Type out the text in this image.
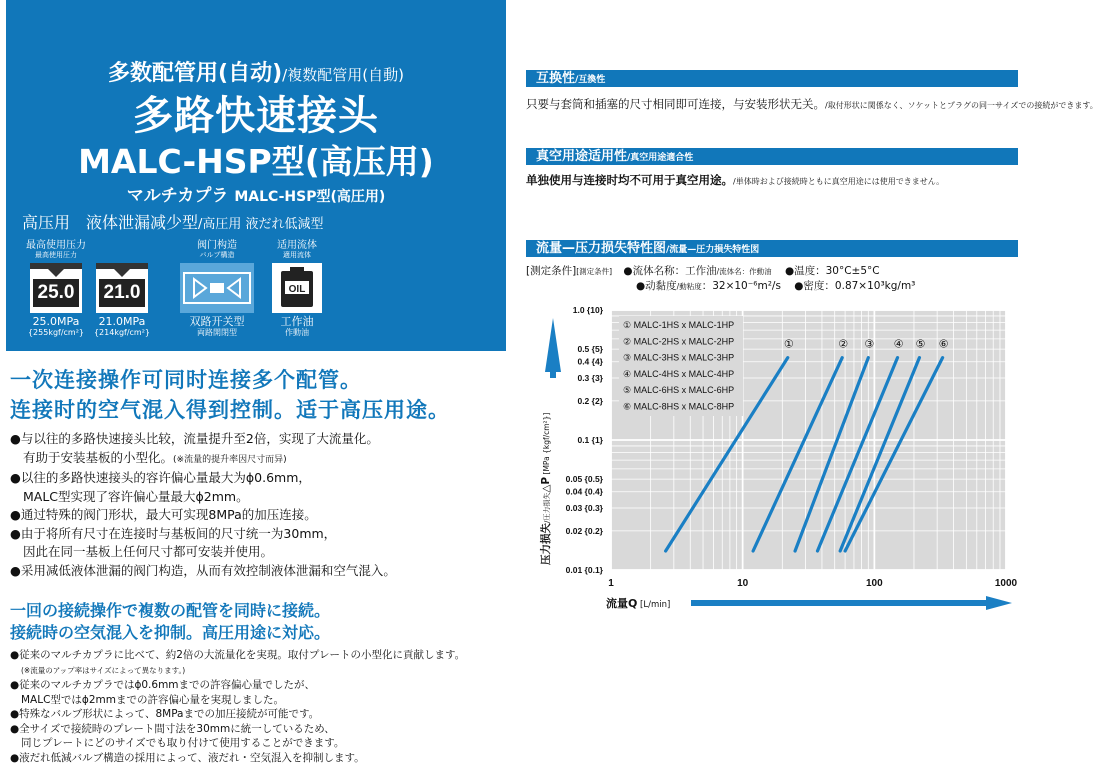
多数配管用(自动)/複数配管用(自動)
多路快速接头
MALC-HSP型(高压用)
マルチカプラ MALC-HSP型(高圧用)
高压用　液体泄漏减少型/高圧用 液だれ低減型
最高使用压力
最高使用圧力
25.0
25.0MPa
{255kgf/cm²}
21.0
21.0MPa
{214kgf/cm²}
阀门构造
バルブ構造
双路开关型
両路開閉型
适用流体
適用流体
OIL
工作油
作動油
一次连接操作可同时连接多个配管。
连接时的空气混入得到控制。适于高压用途。
●与以往的多路快速接头比较，流量提升至2倍，实现了大流量化。
有助于安装基板的小型化。(※流量的提升率因尺寸而异)
●以往的多路快速接头的容许偏心量最大为ϕ0.6mm，
MALC型实现了容许偏心量最大ϕ2mm。
●通过特殊的阀门形状，最大可实现8MPa的加压连接。
●由于将所有尺寸在连接时与基板间的尺寸统一为30mm，
因此在同一基板上任何尺寸都可安装并使用。
●采用减低液体泄漏的阀门构造，从而有效控制液体泄漏和空气混入。
一回の接続操作で複数の配管を同時に接続。
接続時の空気混入を抑制。高圧用途に対応。
●従来のマルチカプラに比べて、約2倍の大流量化を実現。取付プレートの小型化に貢献します。
(※流量のアップ率はサイズによって異なります。)
●従来のマルチカプラではϕ0.6mmまでの許容偏心量でしたが、
MALC型ではϕ2mmまでの許容偏心量を実現しました。
●特殊なバルブ形状によって、8MPaまでの加圧接続が可能です。
●全サイズで接続時のプレート間寸法を30mmに統一しているため、
同じプレートにどのサイズでも取り付けて使用することができます。
●液だれ低減バルブ構造の採用によって、液だれ・空気混入を抑制します。
互换性/互換性
只要与套筒和插塞的尺寸相同即可连接，与安装形状无关。/取付形状に関係なく、ソケットとプラグの同一サイズでの接続ができます。
真空用途适用性/真空用途適合性
单独使用与连接时均不可用于真空用途。/単体時および接続時ともに真空用途には使用できません。
流量—压力损失特性图/流量—圧力損失特性図
[测定条件][測定条件] ●流体名称：工作油/流体名：作動油 ●温度：30°C±5°C
●动黏度/動粘度：32×10⁻⁶m²/s ●密度：0.87×10³kg/m³
① MALC-1HS x MALC-1HP
② MALC-2HS x MALC-2HP
③ MALC-3HS x MALC-3HP
④ MALC-4HS x MALC-4HP
⑤ MALC-6HS x MALC-6HP
⑥ MALC-8HS x MALC-8HP
①	② ③ ④ ⑤ ⑥
1.0 {10}
0.5 {5}
0.4 {4}
0.3 {3}
0.2 {2}
0.1 {1}
0.05 {0.5}
0.04 {0.4}
0.03 {0.3}
0.02 {0.2}
0.01 {0.1}
1	10	100	1000
压力损失/圧力損失△P [MPa {kgf/cm²}]
流量Q [L/min]
